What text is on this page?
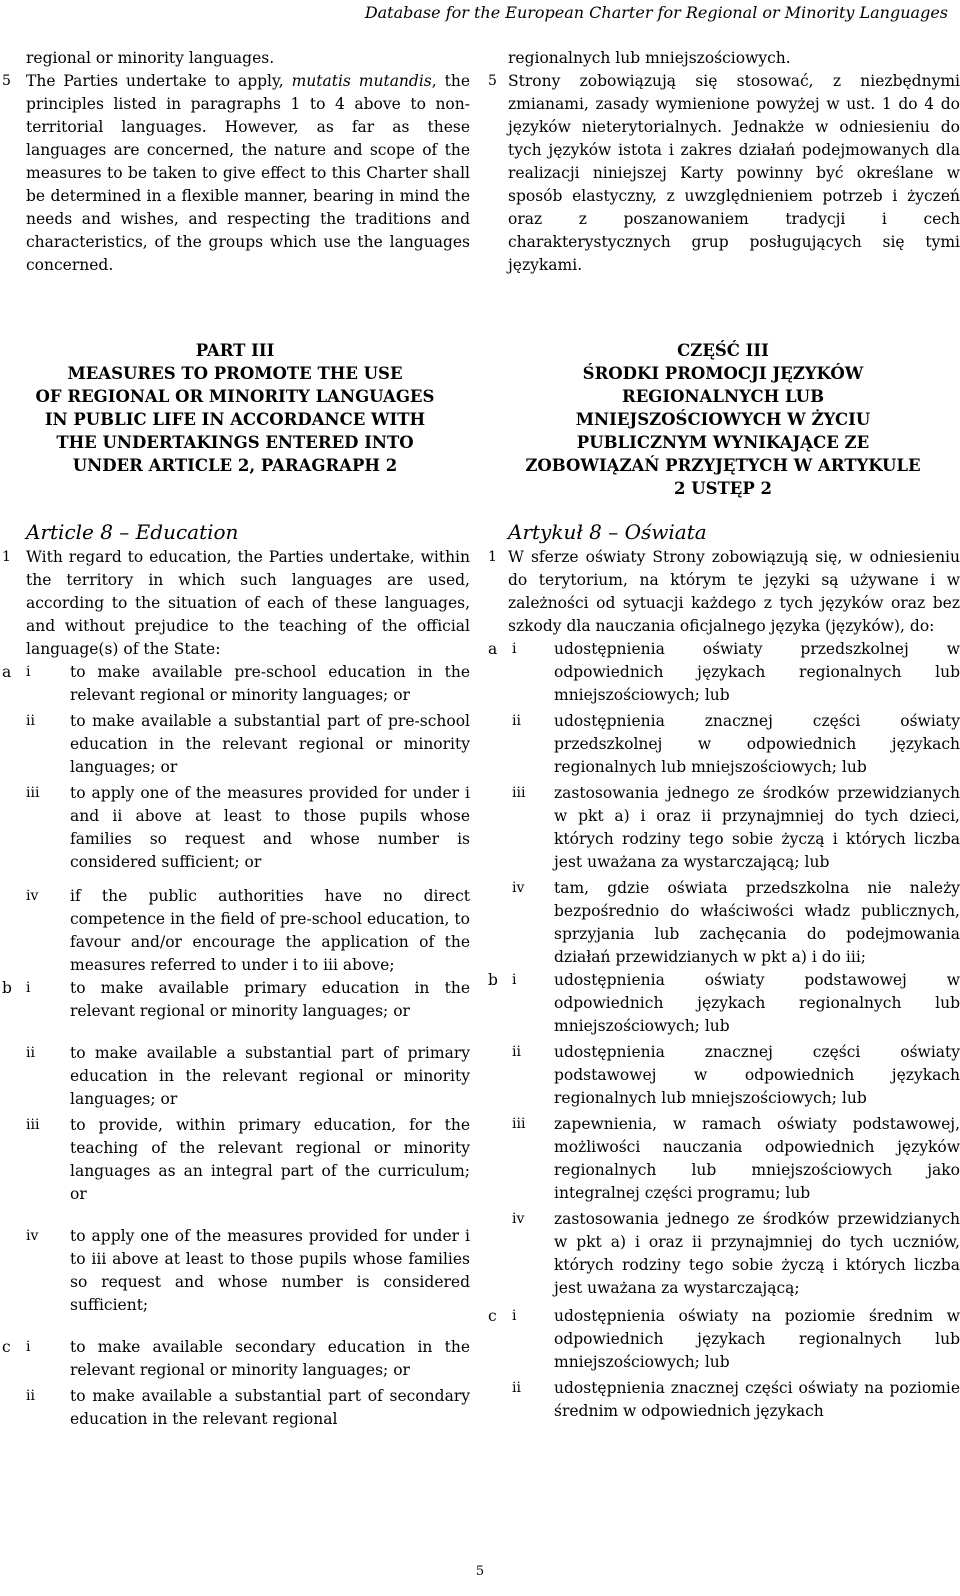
Database for the European Charter for Regional or Minority Languages
regional or minority languages.
5 The Parties undertake to apply, mutatis mutandis, the principles listed in paragraphs 1 to 4 above to non-territorial languages. However, as far as these languages are concerned, the nature and scope of the measures to be taken to give effect to this Charter shall be determined in a flexible manner, bearing in mind the needs and wishes, and respecting the traditions and characteristics, of the groups which use the languages concerned.
regionalnych lub mniejszościowych.
5 Strony zobowiązują się stosować, z niezbędnymi zmianami, zasady wymienione powyżej w ust. 1 do 4 do języków nieterytorialnych. Jednakże w odniesieniu do tych języków istota i zakres działań podejmowanych dla realizacji niniejszej Karty powinny być określane w sposób elastyczny, z uwzględnieniem potrzeb i życzeń oraz z poszanowaniem tradycji i cech charakterystycznych grup posługujących się tymi językami.
PART III
MEASURES TO PROMOTE THE USE
OF REGIONAL OR MINORITY LANGUAGES
IN PUBLIC LIFE IN ACCORDANCE WITH
THE UNDERTAKINGS ENTERED INTO
UNDER ARTICLE 2, PARAGRAPH 2
CZĘŚĆ III
ŚRODKI PROMOCJI JĘZYKÓW
REGIONALNYCH LUB
MNIEJSZOŚCIOWYCH W ŻYCIU
PUBLICZNYM WYNIKAJĄCE ZE
ZOBOWIĄZAŃ PRZYJĘTYCH W ARTYKULE
2 USTĘP 2
Article 8 – Education
1 With regard to education, the Parties undertake, within the territory in which such languages are used, according to the situation of each of these languages, and without prejudice to the teaching of the official language(s) of the State:
a i	to make available pre-school education in the relevant regional or minority languages; or
ii to make available a substantial part of pre-school education in the relevant regional or minority languages; or
iii to apply one of the measures provided for under i and ii above at least to those pupils whose families so request and whose number is considered sufficient; or
iv if the public authorities have no direct competence in the field of pre-school education, to favour and/or encourage the application of the measures referred to under i to iii above;
b i	to make available primary education in the relevant regional or minority languages; or
ii to make available a substantial part of primary education in the relevant regional or minority languages; or
iii to provide, within primary education, for the teaching of the relevant regional or minority languages as an integral part of the curriculum; or
iv to apply one of the measures provided for under i to iii above at least to those pupils whose families so request and whose number is considered sufficient;
c i	to make available secondary education in the relevant regional or minority languages; or
ii to make available a substantial part of secondary education in the relevant regional
Artykuł 8 – Oświata
1 W sferze oświaty Strony zobowiązują się, w odniesieniu do terytorium, na którym te języki są używane i w zależności od sytuacji każdego z tych języków oraz bez szkody dla nauczania oficjalnego języka (języków), do:
a i udostępnienia oświaty przedszkolnej w odpowiednich językach regionalnych lub mniejszościowych; lub
ii udostępnienia znacznej części oświaty przedszkolnej w odpowiednich językach regionalnych lub mniejszościowych; lub
iii zastosowania jednego ze środków przewidzianych w pkt a) i oraz ii przynajmniej do tych dzieci, których rodziny tego sobie życzą i których liczba jest uważana za wystarczającą; lub
iv tam, gdzie oświata przedszkolna nie należy bezpośrednio do właściwości władz publicznych, sprzyjania lub zachęcania do podejmowania działań przewidzianych w pkt a) i do iii;
b i udostępnienia oświaty podstawowej w odpowiednich językach regionalnych lub mniejszościowych; lub
ii udostępnienia znacznej części oświaty podstawowej w odpowiednich językach regionalnych lub mniejszościowych; lub
iii zapewnienia, w ramach oświaty podstawowej, możliwości nauczania odpowiednich języków regionalnych lub mniejszościowych jako integralnej części programu; lub
iv zastosowania jednego ze środków przewidzianych w pkt a) i oraz ii przynajmniej do tych uczniów, których rodziny tego sobie życzą i których liczba jest uważana za wystarczającą;
c i udostępnienia oświaty na poziomie średnim w odpowiednich językach regionalnych lub mniejszościowych; lub
ii udostępnienia znacznej części oświaty na poziomie średnim w odpowiednich językach
5
